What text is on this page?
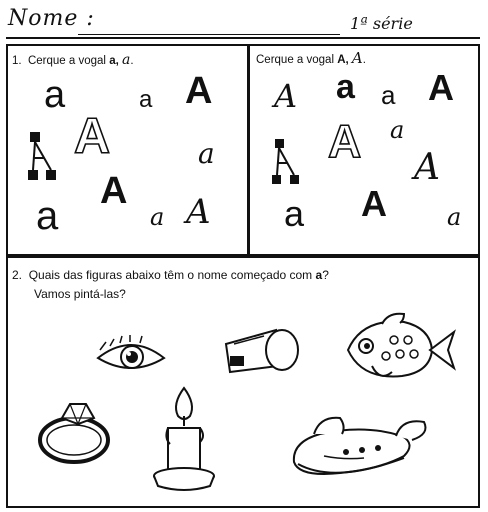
Nome :	1ª série
1. Cerque a vogal a, a.
a	a A
A	a
A
a	a A
Cerque a vogal A, A.
A a a A
A a
A
a A	a
2. Quais das figuras abaixo têm o nome começado com a?
Vamos pintá-las?
